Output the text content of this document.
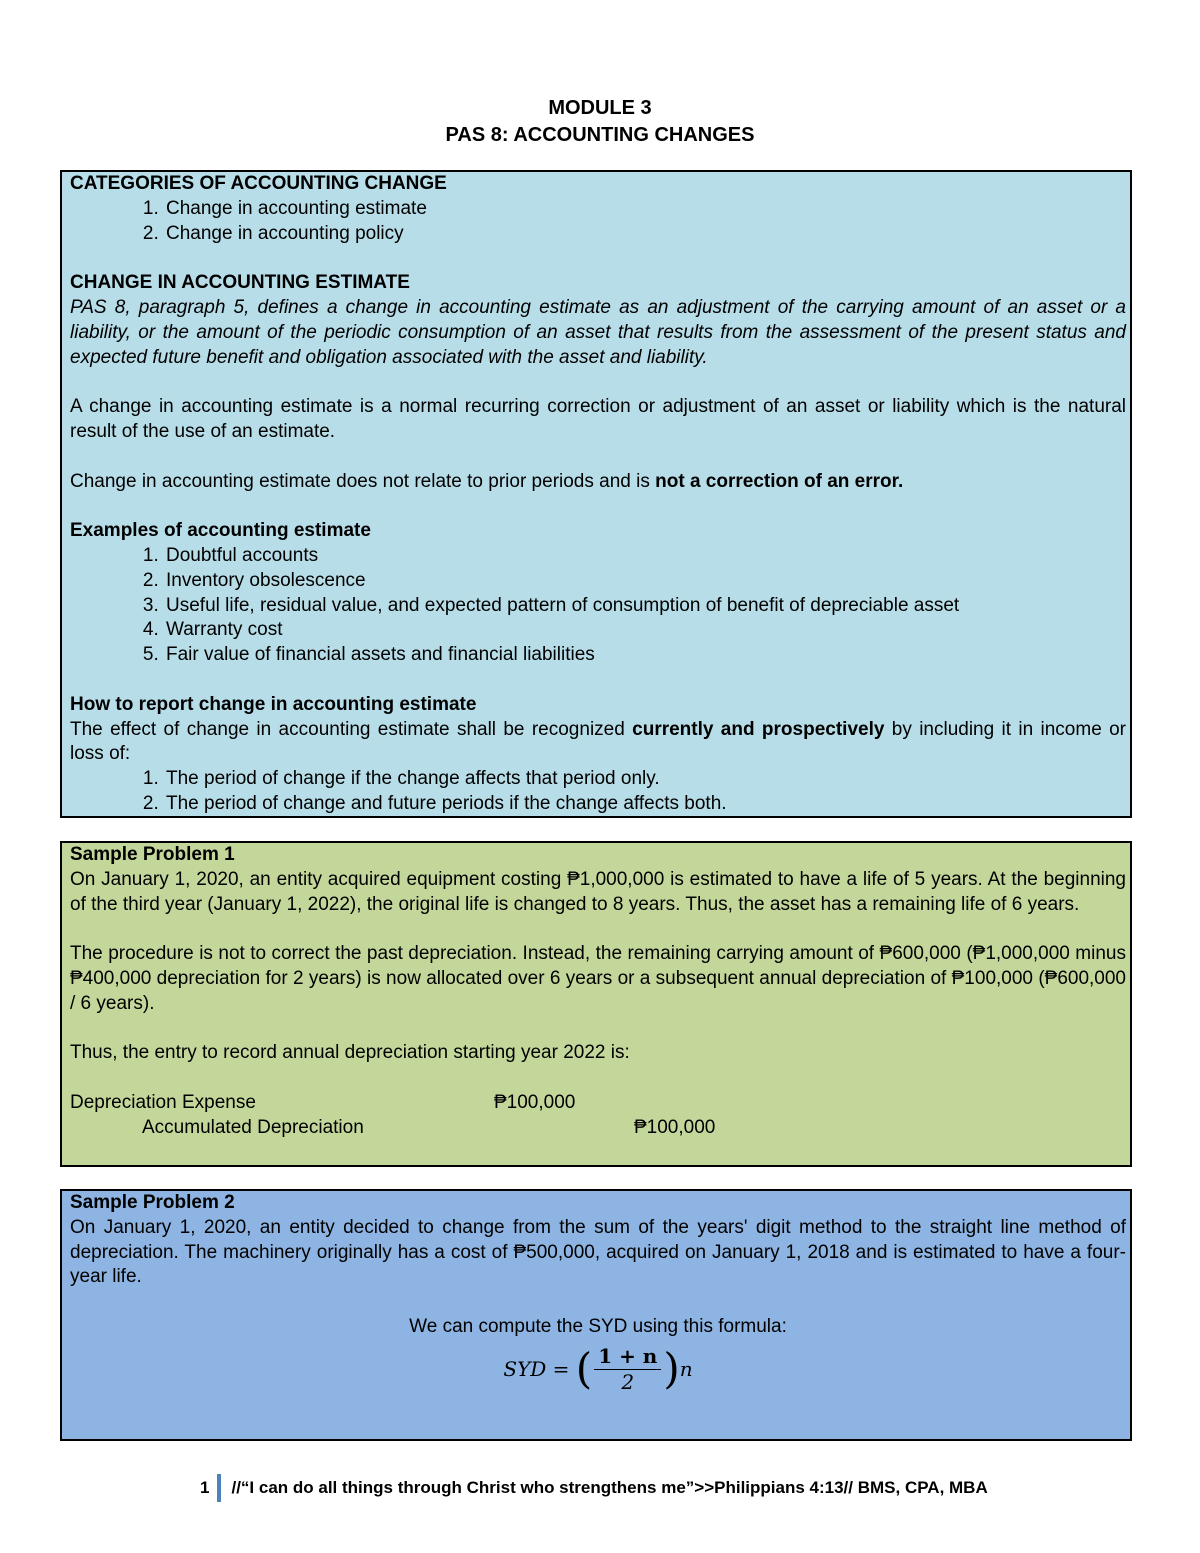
MODULE 3
PAS 8: ACCOUNTING CHANGES

CATEGORIES OF ACCOUNTING CHANGE

1. Change in accounting estimate
2. Change in accounting policy

CHANGE IN ACCOUNTING ESTIMATE

PAS 8, paragraph 5, defines a change in accounting estimate as an adjustment of the carrying amount of an asset or a liability, or the amount of the periodic consumption of an asset that results from the assessment of the present status and expected future benefit and obligation associated with the asset and liability.

A change in accounting estimate is a normal recurring correction or adjustment of an asset or liability which is the natural result of the use of an estimate.

Change in accounting estimate does not relate to prior periods and is not a correction of an error.

Examples of accounting estimate

1. Doubtful accounts
2. Inventory obsolescence
3. Useful life, residual value, and expected pattern of consumption of benefit of depreciable asset
4. Warranty cost
5. Fair value of financial assets and financial liabilities

How to report change in accounting estimate

The effect of change in accounting estimate shall be recognized currently and prospectively by including it in income or loss of:

1. The period of change if the change affects that period only.
2. The period of change and future periods if the change affects both.

Sample Problem 1

On January 1, 2020, an entity acquired equipment costing ₱1,000,000 is estimated to have a life of 5 years. At the beginning of the third year (January 1, 2022), the original life is changed to 8 years. Thus, the asset has a remaining life of 6 years.

The procedure is not to correct the past depreciation. Instead, the remaining carrying amount of ₱600,000 (₱1,000,000 minus ₱400,000 depreciation for 2 years) is now allocated over 6 years or a subsequent annual depreciation of ₱100,000 (₱600,000 / 6 years).

Thus, the entry to record annual depreciation starting year 2022 is:

Depreciation Expense	₱100,000
Accumulated Depreciation	₱100,000

Sample Problem 2

On January 1, 2020, an entity decided to change from the sum of the years' digit method to the straight line method of depreciation. The machinery originally has a cost of ₱500,000, acquired on January 1, 2018 and is estimated to have a four-year life.

We can compute the SYD using this formula:

SYD = ( $\frac{1 + n}{2} )n$
1 //“I can do all things through Christ who strengthens me”>>Philippians 4:13// BMS, CPA, MBA
